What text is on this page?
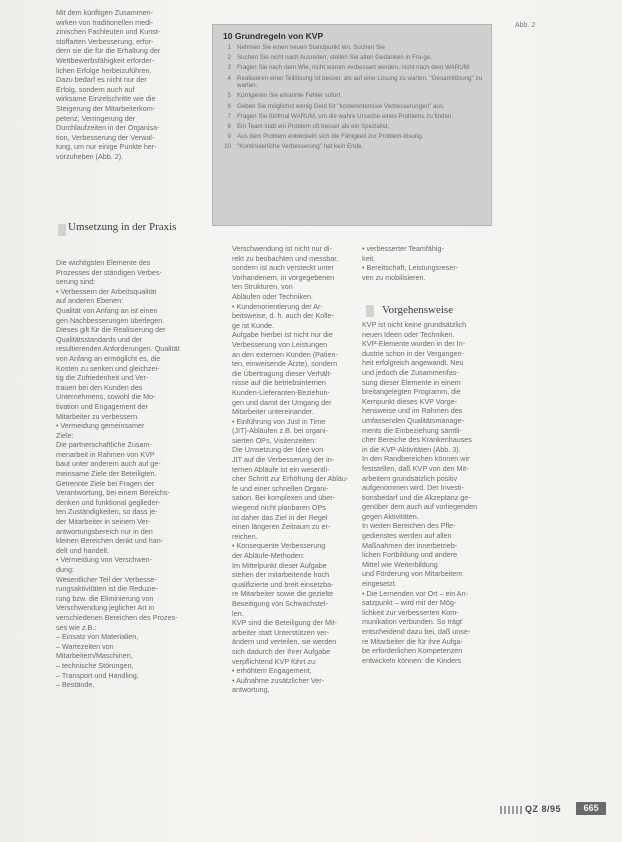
Abb. 2
Mit dem künftigen Zusammen-
wirken von traditionellen medi-
zinischen Fachleuten und Kunst-
stoffarten Verbesserung, erfor-
dern sie die für die Erhaltung der
Wettbewerbsfähigkeit erforder-
lichen Erfolge herbeizuführen.
Dazu bedarf es nicht nur der
Erfolg, sondern auch auf
wirksame Einzelschritte wie die
Steigerung der Mitarbeiterkom-
petenz, Verringerung der
Durchlaufzeiten in der Organisa-
tion, Verbesserung der Verwal-
tung, um nur einige Punkte her-
vorzuheben (Abb. 2).
10 Grundregeln von KVP
1 Nehmen Sie einen neuen Standpunkt ein. Suchen Sie
2 Suchen Sie nicht nach Ausreden, stellen Sie alten Gedanken in Fra-ge.
3 Fragen Sie nach dem Wie, nicht warum verbessert werden, nicht nach dem WARUM.
4 Realisieren einer Teillösung ist besser, als auf eine Lösung zu warten, "Gesamtlösung" zu warten.
5 Korrigieren Sie erkannte Fehler sofort.
6 Geben Sie möglichst wenig Geld für "kostenintensive Verbesserungen" aus.
7 Fragen Sie fünfmal WARUM, um die wahre Ursache eines Problems zu finden.
8 Ein Team statt ein Problem oft besser als ein Spezialist.
9 Aus dem Problem entwickeln sich die Fähigkeit zur Problem-lösung.
10 "Kontinuierliche Verbesserung" hat kein Ende.
Umsetzung in der Praxis
Die wichtigsten Elemente des
Prozesses der ständigen Verbes-
serung sind:
• Verbessern der Arbeitsqualität
auf anderen Ebenen:
Qualität von Anfang an ist einen
gen Nachbesserungen überlegen.
Dieses gilt für die Realisierung der
Qualitätsstandards und der
resultierenden Anforderungen. Qualität
von Anfang an ermöglicht es, die
Kosten zu senken und gleichzei-
tig die Zufriedenheit und Ver-
trauen bei den Kunden des
Unternehmens, sowohl die Mo-
tivation und Engagement der
Mitarbeiter zu verbessern.
• Vermeidung gemeinsamer
Ziele:
Die partnerschaftliche Zusam-
menarbeit in Rahmen von KVP
baut unter anderem auch auf ge-
meinsame Ziele der Beteiligten.
Getrennte Ziele bei Fragen der
Verantwortung, bei einem Bereichs-
denken und funktional geglieder-
ten Zuständigkeiten, so dass je-
der Mitarbeiter in seinem Ver-
antwortungsbereich nur in den
kleinen Bereichen denkt und han-
delt und handelt.
• Vermeidung von Verschwen-
dung:
Wesentlicher Teil der Verbesse-
rungsaktivitäten ist die Reduzie-
rung bzw. die Eliminierung von
Verschwendung jeglicher Art in
verschiedenen Bereichen des Prozes-
ses wie z.B.:
– Einsatz von Materialien,
– Wartezeiten von
Mitarbeitern/Maschinen,
– technische Störungen,
– Transport und Handling,
– Bestände.
Verschwendung ist nicht nur di-
rekt zu beobachten und messbar,
sondern ist auch versteckt unter
Vorhandenem, in vorgegebenen
ten Strukturen, von
Abläufen oder Techniken.
• Kundenorientierung der Ar-
beitsweise, d. h. auch der Kolle-
ge ist Kunde.
Aufgabe hierbei ist nicht nur die
Verbesserung von Leistungen
an den externen Kunden (Patien-
ten, einweisende Ärzte), sondern
die Übertragung dieser Verhält-
nisse auf die betriebsinternen
Kunden-Lieferanten-Beziehun-
gen und damit der Umgang der
Mitarbeiter untereinander.
• Einführung von Just in Time
(JIT)-Abläufen z.B. bei organi-
sierten OPs, Visitenzeiten:
Die Umsetzung der Idee von
JIT auf die Verbesserung der in-
ternen Abläufe ist ein wesentli-
cher Schritt zur Erhöhung der Abläu-
fe und einer schnellen Organi-
sation. Bei komplexen und über-
wiegend nicht planbaren OPs
ist daher das Ziel in der Regel
einen längeren Zeitraum zu er-
reichen.
• Konsequente Verbesserung
der Abläufe-Methoden:
Im Mittelpunkt dieser Aufgabe
stehen der mitarbeitende hoch
qualifizierte und breit einsetzba-
re Mitarbeiter sowie die gezielte
Beseitigung von Schwachstel-
len.
KVP sind die Beteiligung der Mit-
arbeiter statt Unterstützen ver-
ändern und verteilen, sie werden
sich dadurch der Ihrer Aufgabe
verpflichtend KVP führt zu:
• erhöhtem Engagement,
• Aufnahme zusätzlicher Ver-
antwortung,
• verbesserter Teamfähig-
keit,
• Bereitschaft, Leistungsreser-
ven zu mobilisieren.
Vorgehensweise
KVP ist nicht keine grundsätzlich
neuen Ideen oder Techniken.
KVP-Elemente wurden in der In-
dustrie schon in der Vergangen-
heit erfolgreich angewandt. Neu
und jedoch die Zusammenfas-
sung dieser Elemente in einem
breitangelegten Programm, die
Kernpunkt dieses KVP Vorge-
hensweise und im Rahmen des
umfassenden Qualitätsmanage-
ments die Einbeziehung sämtli-
cher Bereiche des Krankenhauses
in die KVP-Aktivitäten (Abb. 3).
In den Randbereichen können wir
feststellen, daß KVP von den Mit-
arbeitern grundsätzlich positiv
aufgenommen wird. Der Investi-
tionsbedarf und die Akzeptanz ge-
genüber dem auch auf vorliegenden
gegen Aktivitäten.
In weiten Bereichen des Pfle-
gedienstes werden auf allen
Maßnahmen der innerbetrieb-
lichen Fortbildung und andere
Mittel wie Weiterbildung
und Förderung von Mitarbeitern
eingesetzt.
• Die Lernenden vor Ort – ein An-
satzpunkt – wird mit der Mög-
lichkeit zur verbesserten Kom-
munikation verbunden. So trägt
entscheidend dazu bei, daß unse-
re Mitarbeiter die für ihre Aufga-
be erforderlichen Kompetenzen
entwickeln können: die Kinders
QZ 8/95	665
